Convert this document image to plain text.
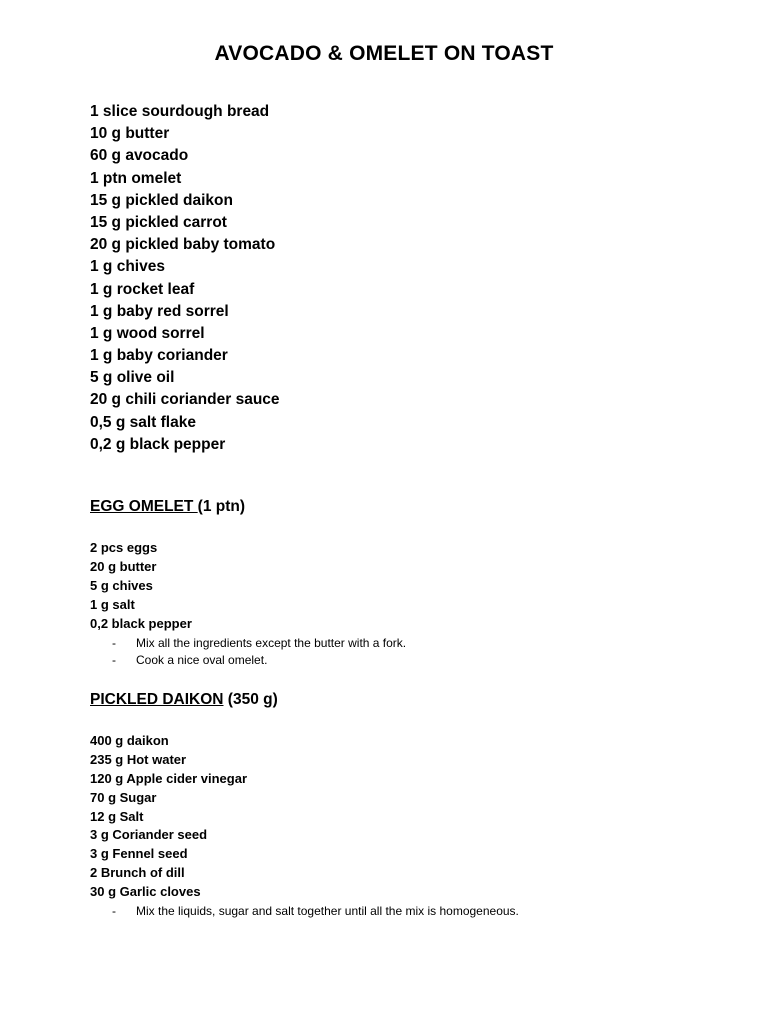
AVOCADO & OMELET ON TOAST
1 slice sourdough bread
10 g butter
60 g avocado
1 ptn omelet
15 g pickled daikon
15 g pickled carrot
20 g pickled baby tomato
1 g chives
1 g rocket leaf
1 g baby red sorrel
1 g wood sorrel
1 g baby coriander
5 g olive oil
20 g chili coriander sauce
0,5 g salt flake
0,2 g black pepper
EGG OMELET (1 ptn)
2 pcs eggs
20 g butter
5 g chives
1 g salt
0,2 black pepper
- Mix all the ingredients except the butter with a fork.
- Cook a nice oval omelet.
PICKLED DAIKON (350 g)
400 g daikon
235 g Hot water
120 g Apple cider vinegar
70 g Sugar
12 g Salt
3 g Coriander seed
3 g Fennel seed
2 Brunch of dill
30 g Garlic cloves
- Mix the liquids, sugar and salt together until all the mix is homogeneous.
